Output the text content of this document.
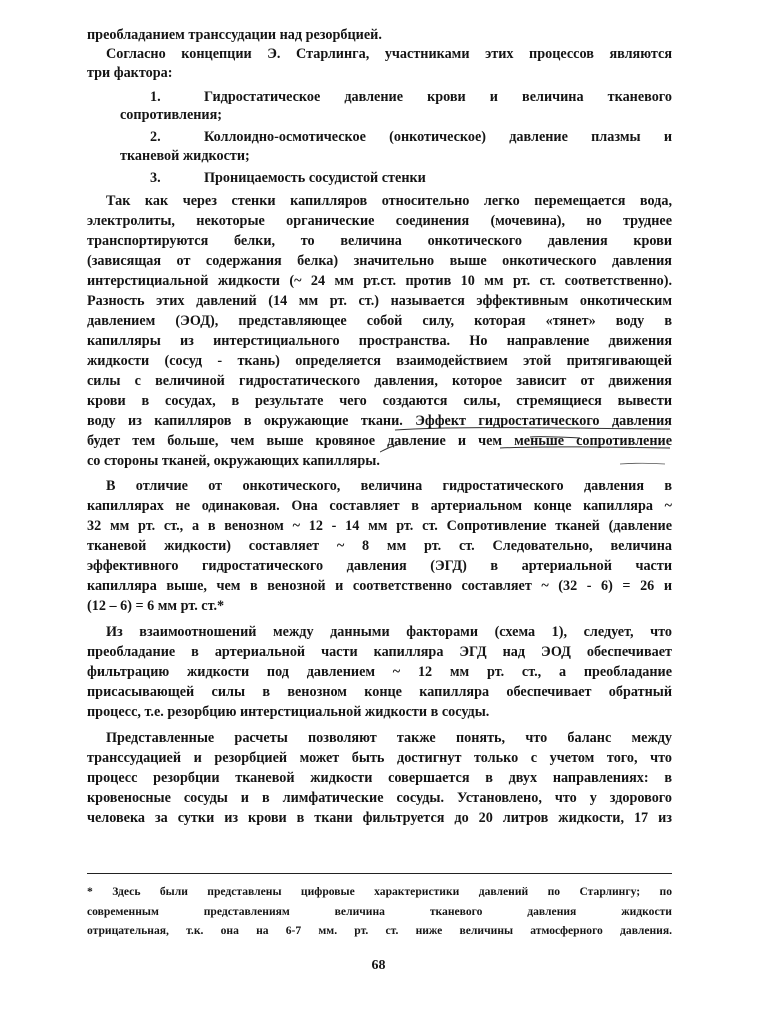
преобладанием транссудации над резорбцией.
Согласно концепции Э. Старлинга, участниками этих процессов являются
три фактора:
1.	Гидростатическое давление крови и величина тканевого
сопротивления;
2.	Коллоидно-осмотическое (онкотическое) давление плазмы и
тканевой жидкости;
3.	Проницаемость сосудистой стенки
Так как через стенки капилляров относительно легко перемещается вода,
электролиты, некоторые органические соединения (мочевина), но труднее
транспортируются белки, то величина онкотического давления крови
(зависящая от содержания белка) значительно выше онкотического давления
интерстициальной жидкости (~ 24 мм рт.ст. против 10 мм рт. ст. соответственно).
Разность этих давлений (14 мм рт. ст.) называется эффективным онкотическим
давлением (ЭОД), представляющее собой силу, которая «тянет» воду в
капилляры из интерстициального пространства. Но направление движения
жидкости (сосуд - ткань) определяется взаимодействием этой притягивающей
силы с величиной гидростатического давления, которое зависит от движения
крови в сосудах, в результате чего создаются силы, стремящиеся вывести
воду из капилляров в окружающие ткани. Эффект гидростатического давления
будет тем больше, чем выше кровяное давление и чем меньше сопротивление
со стороны тканей, окружающих капилляры.
В отличие от онкотического, величина гидростатического давления в
капиллярах не одинаковая. Она составляет в артериальном конце капилляра ~
32 мм рт. ст., а в венозном ~ 12 - 14 мм рт. ст. Сопротивление тканей (давление
тканевой жидкости) составляет ~ 8 мм рт. ст. Следовательно, величина
эффективного гидростатического давления (ЭГД) в артериальной части
капилляра выше, чем в венозной и соответственно составляет ~ (32 - 6) = 26 и
(12 – 6) = 6 мм рт. ст.*
Из взаимоотношений между данными факторами (схема 1), следует, что
преобладание в артериальной части капилляра ЭГД над ЭОД обеспечивает
фильтрацию жидкости под давлением ~ 12 мм рт. ст., а преобладание
присасывающей силы в венозном конце капилляра обеспечивает обратный
процесс, т.е. резорбцию интерстициальной жидкости в сосуды.
Представленные расчеты позволяют также понять, что баланс между
транссудацией и резорбцией может быть достигнут только с учетом того, что
процесс резорбции тканевой жидкости совершается в двух направлениях: в
кровеносные сосуды и в лимфатические сосуды. Установлено, что у здорового
человека за сутки из крови в ткани фильтруется до 20 литров жидкости, 17 из
* Здесь были представлены цифровые характеристики давлений по Старлингу; по
современным представлениям величина тканевого давления жидкости
отрицательная, т.к. она на 6-7 мм. рт. ст. ниже величины атмосферного давления.
68
